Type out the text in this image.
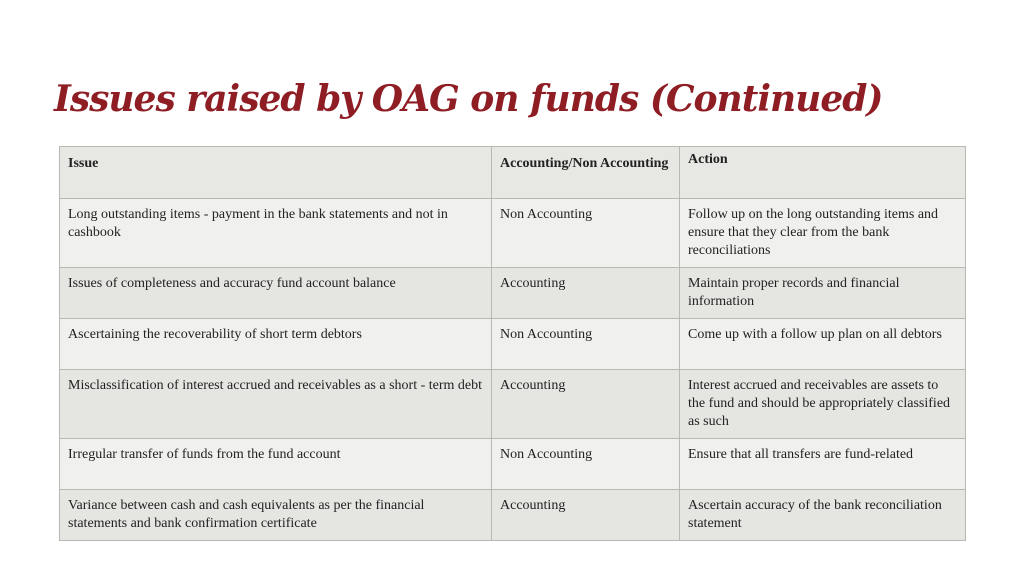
Issues raised by OAG on funds (Continued)
Issue	Accounting/Non Accounting	Action
Long outstanding items - payment in the bank statements and not in cashbook	Non Accounting	Follow up on the long outstanding items and ensure that they clear from the bank reconciliations
Issues of completeness and accuracy fund account balance	Accounting	Maintain proper records and financial information
Ascertaining the recoverability of short term debtors	Non Accounting	Come up with a follow up plan on all debtors
Misclassification of interest accrued and receivables as a short - term debt	Accounting	Interest accrued and receivables are assets to the fund and should be appropriately classified as such
Irregular transfer of funds from the fund account	Non Accounting	Ensure that all transfers are fund-related
Variance between cash and cash equivalents as per the financial statements and bank confirmation certificate	Accounting	Ascertain accuracy of the bank reconciliation statement
